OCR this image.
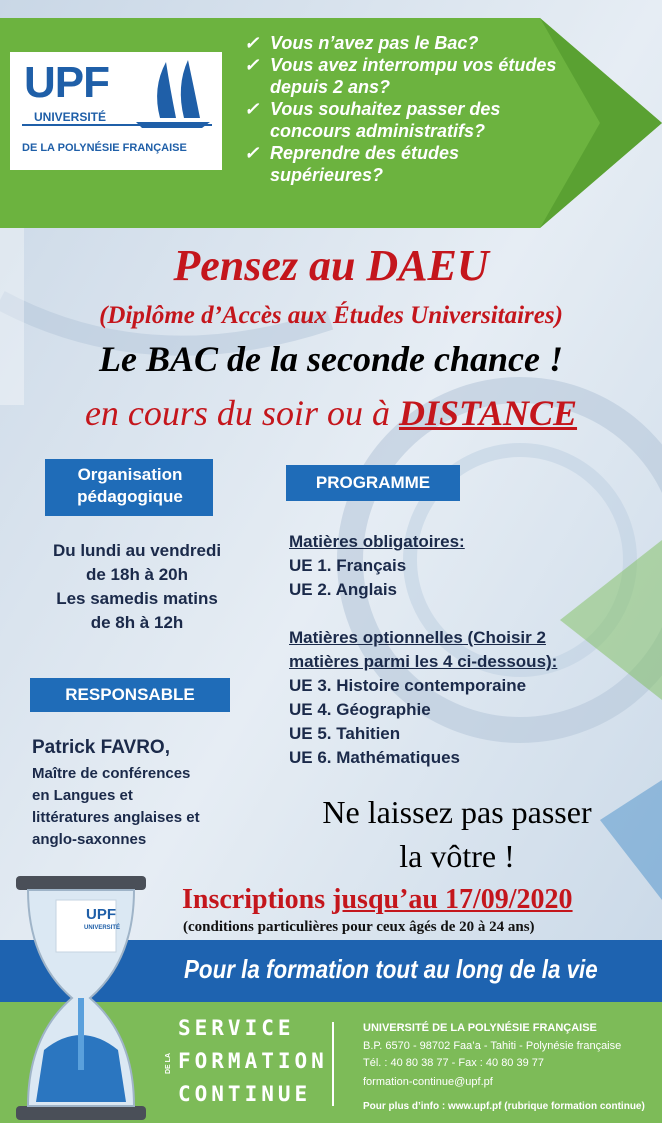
UPF
UNIVERSITÉ
DE LA POLYNÉSIE FRANÇAISE
✓ Vous n’avez pas le Bac?
✓ Vous avez interrompu vos études depuis 2 ans?
✓ Vous souhaitez passer des concours administratifs?
✓ Reprendre des études supérieures?
Pensez au DAEU
(Diplôme d’Accès aux Études Universitaires)
Le BAC de la seconde chance !
en cours du soir ou à DISTANCE
Organisation pédagogique
Du lundi au vendredi
de 18h à 20h
Les samedis matins
de 8h à 12h
RESPONSABLE
Patrick FAVRO,
Maître de conférences
en Langues et
littératures anglaises et
anglo-saxonnes
PROGRAMME
Matières obligatoires:
UE 1. Français
UE 2. Anglais
Matières optionnelles (Choisir 2 matières parmi les 4 ci-dessous):
UE 3. Histoire contemporaine
UE 4. Géographie
UE 5. Tahitien
UE 6. Mathématiques
Ne laissez pas passer
la vôtre !
Inscriptions jusqu’au 17/09/2020
(conditions particulières pour ceux âgés de 20 à 24 ans)
Pour la formation tout au long de la vie
UPF
UNIVERSITÉ
SERVICE
DE LA FORMATION
CONTINUE
UNIVERSITÉ DE LA POLYNÉSIE FRANÇAISE
B.P. 6570 - 98702 Faa’a - Tahiti - Polynésie française
Tél. : 40 80 38 77 - Fax : 40 80 39 77
formation-continue@upf.pf
Pour plus d’info : www.upf.pf (rubrique formation continue)
